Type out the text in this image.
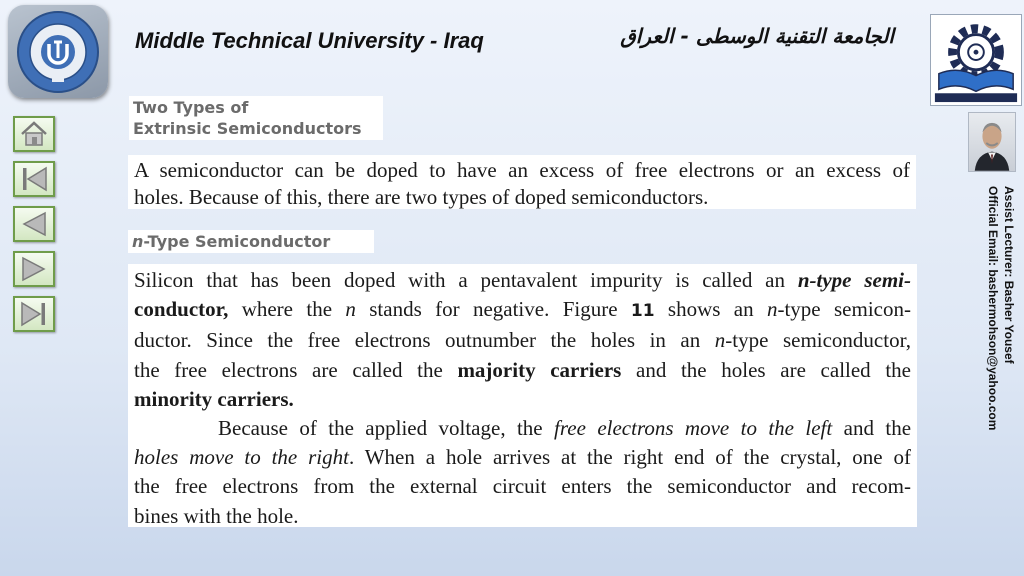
Middle Technical University - Iraq	الجامعة التقنية الوسطى - العراق
Assist Lecturer: Basher Yousef
Official Email: bashermohson@yahoo.com
Two Types of
Extrinsic Semiconductors
A semiconductor can be doped to have an excess of free electrons or an excess of
holes. Because of this, there are two types of doped semiconductors.
n-Type Semiconductor
Silicon that has been doped with a pentavalent impurity is called an n-type semi-
conductor, where the n stands for negative. Figure 11 shows an n-type semicon-
ductor. Since the free electrons outnumber the holes in an n-type semiconductor,
the free electrons are called the majority carriers and the holes are called the
minority carriers.
Because of the applied voltage, the free electrons move to the left and the
holes move to the right. When a hole arrives at the right end of the crystal, one of
the free electrons from the external circuit enters the semiconductor and recom-
bines with the hole.
